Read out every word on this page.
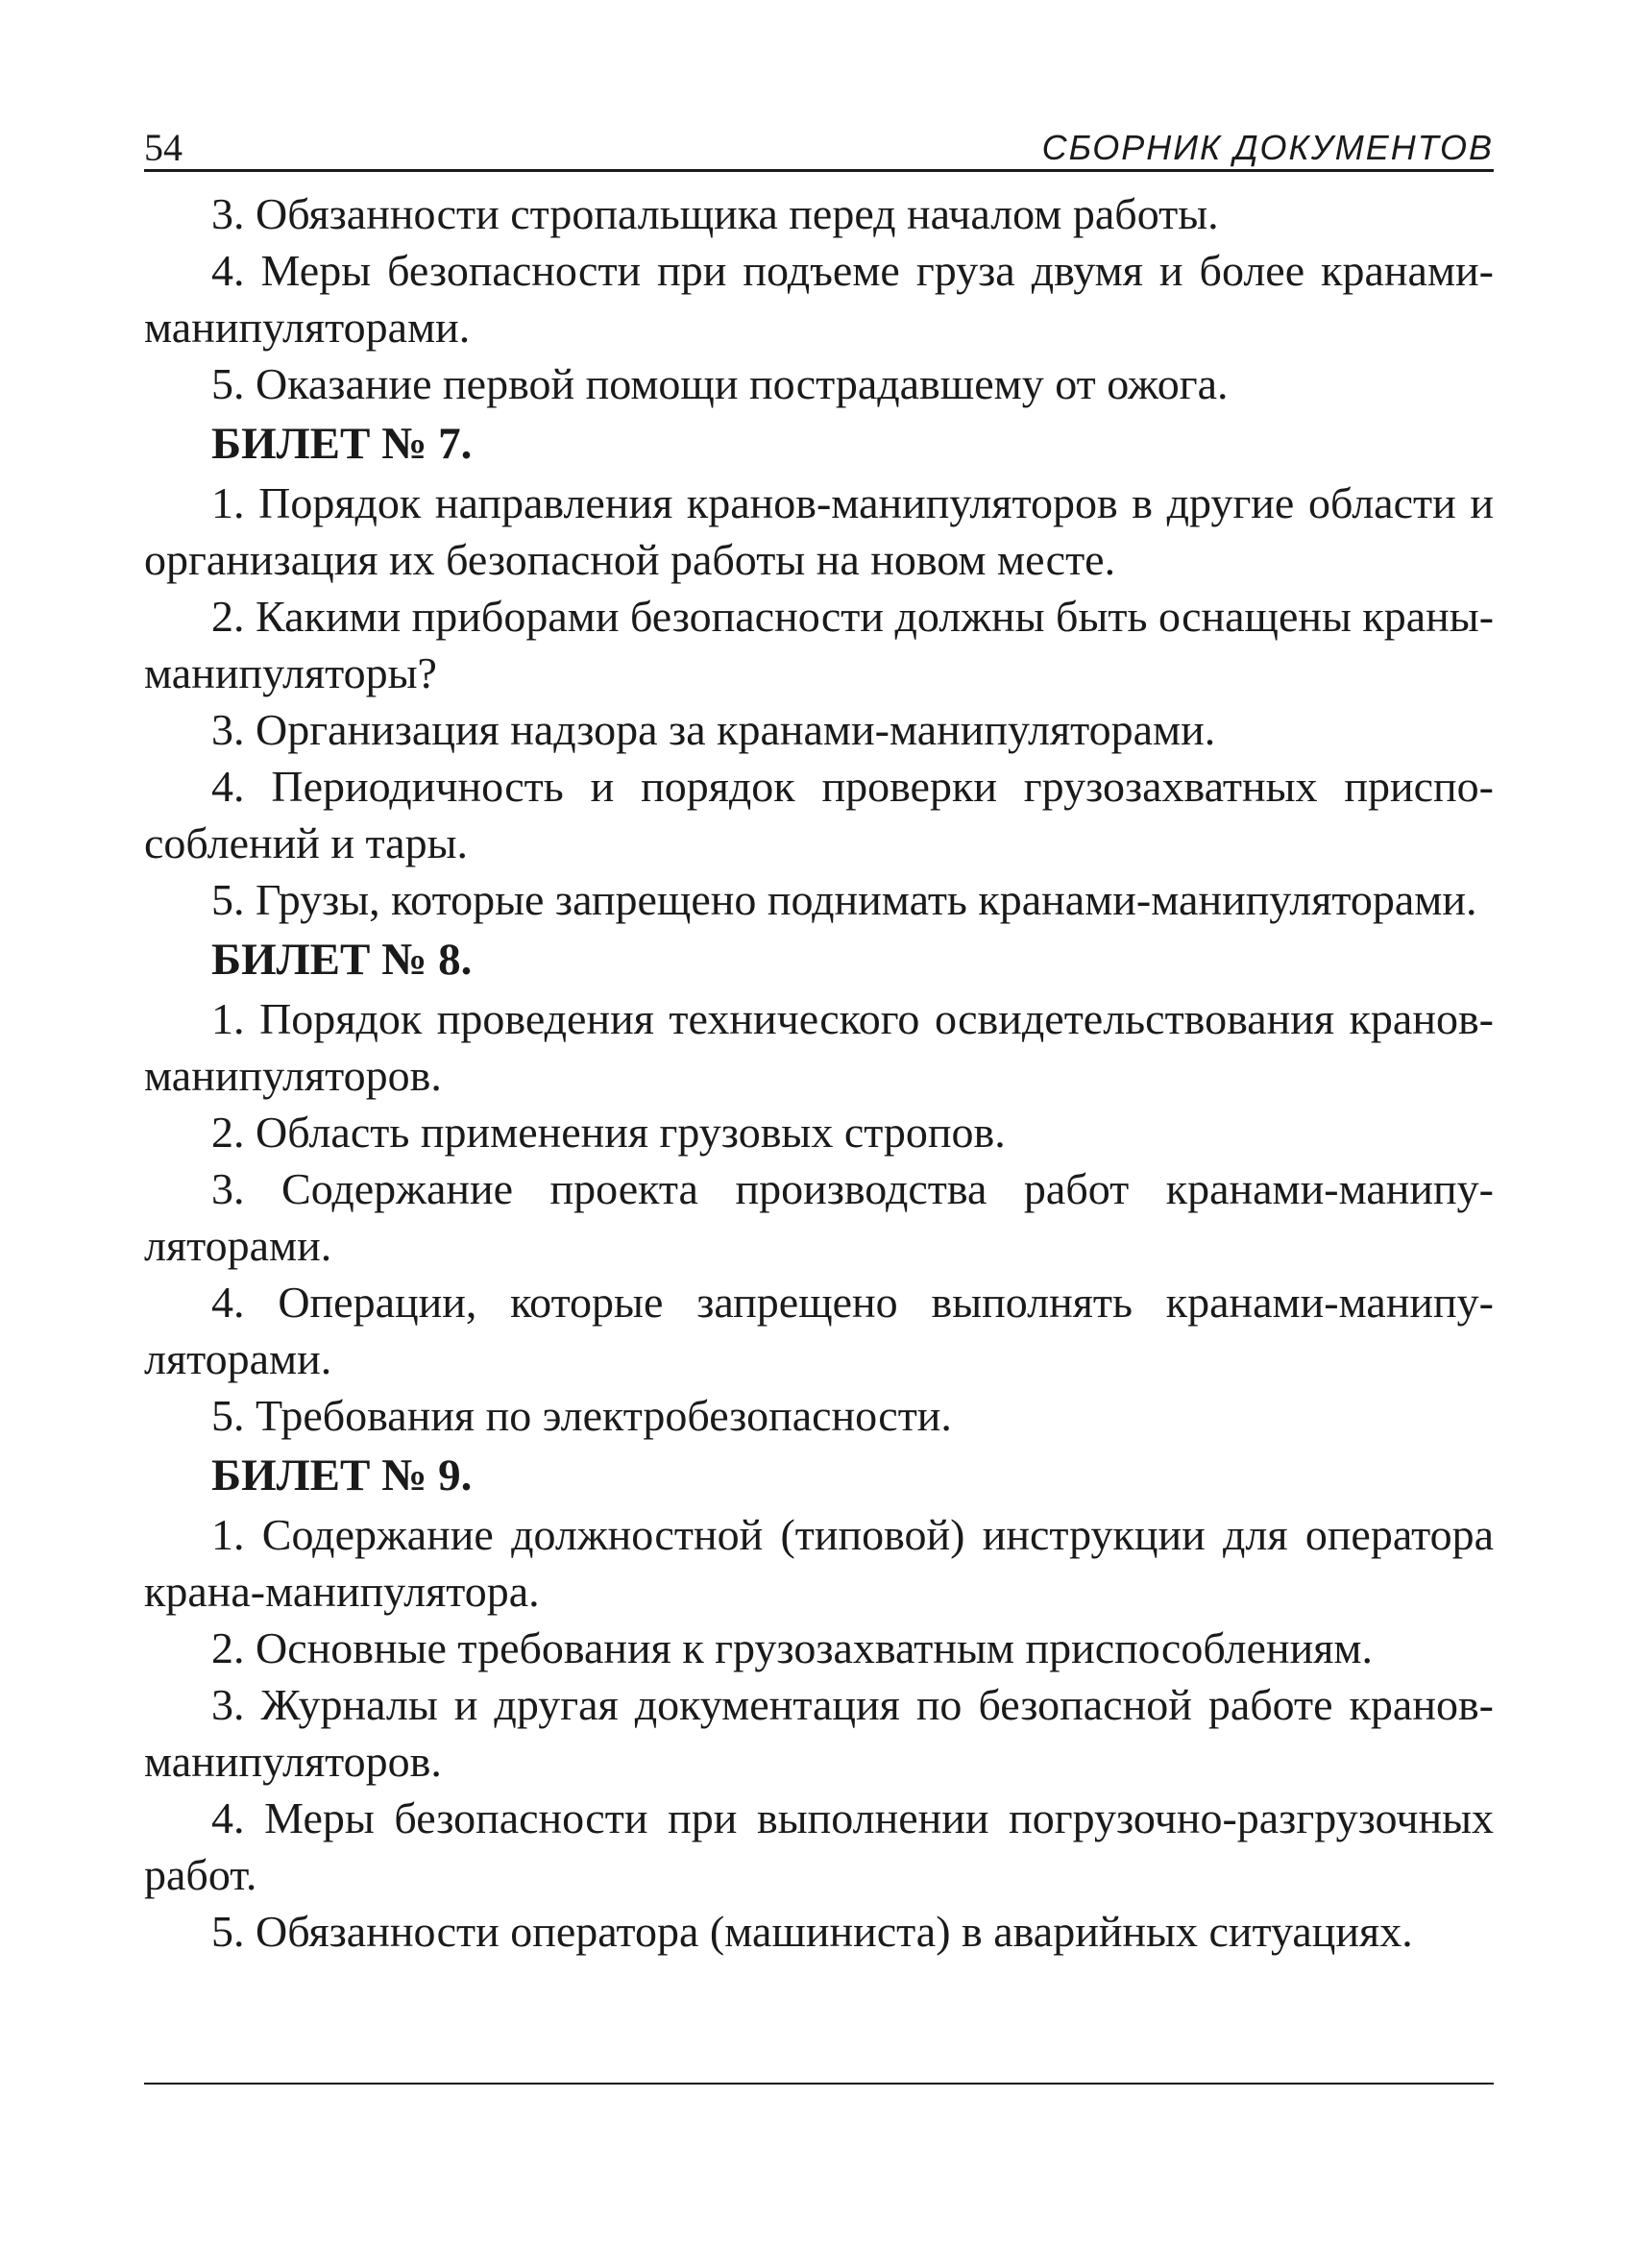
54	СБОРНИК ДОКУМЕНТОВ

3. Обязанности стропальщика перед началом работы.

4. Меры безопасности при подъеме груза двумя и более кранами-манипуляторами.

5. Оказание первой помощи пострадавшему от ожога.

БИЛЕТ № 7.

1. Порядок направления кранов-манипуляторов в другие области и организация их безопасной работы на новом месте.

2. Какими приборами безопасности должны быть оснащены краны-манипуляторы?

3. Организация надзора за кранами-манипуляторами.

4. Периодичность и порядок проверки грузозахватных приспособлений и тары.

5. Грузы, которые запрещено поднимать кранами-манипуляторами.

БИЛЕТ № 8.

1. Порядок проведения технического освидетельствования кранов-манипуляторов.

2. Область применения грузовых стропов.

3. Содержание проекта производства работ кранами-манипуляторами.

4. Операции, которые запрещено выполнять кранами-манипуляторами.

5. Требования по электробезопасности.

БИЛЕТ № 9.

1. Содержание должностной (типовой) инструкции для оператора крана-манипулятора.

2. Основные требования к грузозахватным приспособлениям.

3. Журналы и другая документация по безопасной работе кранов-манипуляторов.

4. Меры безопасности при выполнении погрузочно-разгрузочных работ.

5. Обязанности оператора (машиниста) в аварийных ситуациях.
